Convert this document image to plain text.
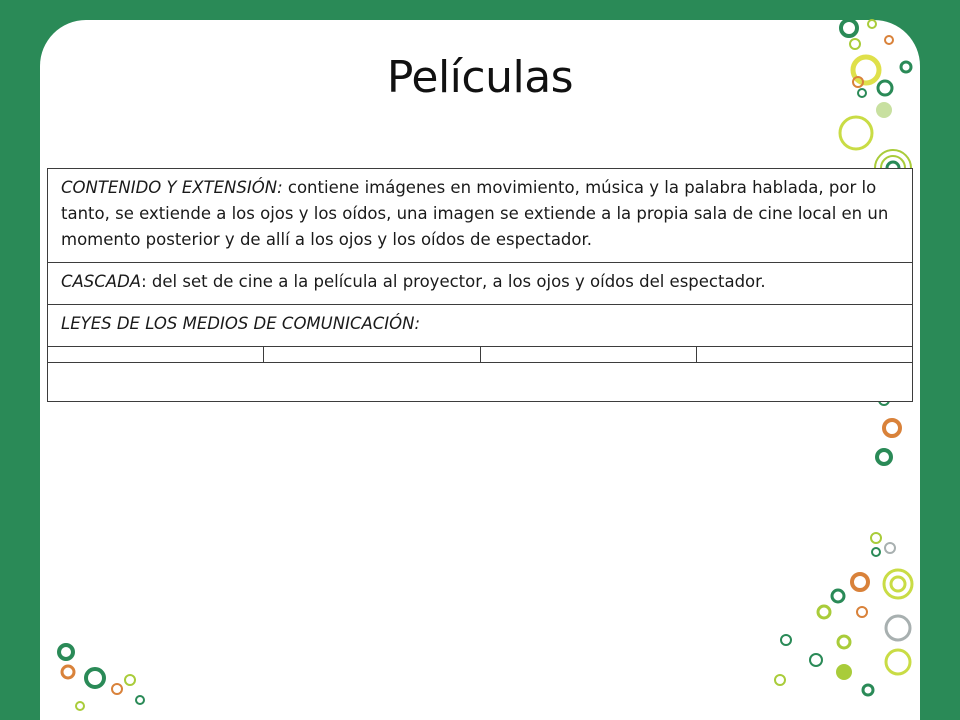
Películas
CONTENIDO Y EXTENSIÓN: contiene imágenes en movimiento, música y la palabra hablada, por lo tanto, se extiende a los ojos y los oídos, una imagen se extiende a la propia sala de cine local en un momento posterior y de allí a los ojos y los oídos de espectador.
CASCADA: del set de cine a la película al proyector, a los ojos y oídos del espectador.
LEYES DE LOS MEDIOS DE COMUNICACIÓN:
